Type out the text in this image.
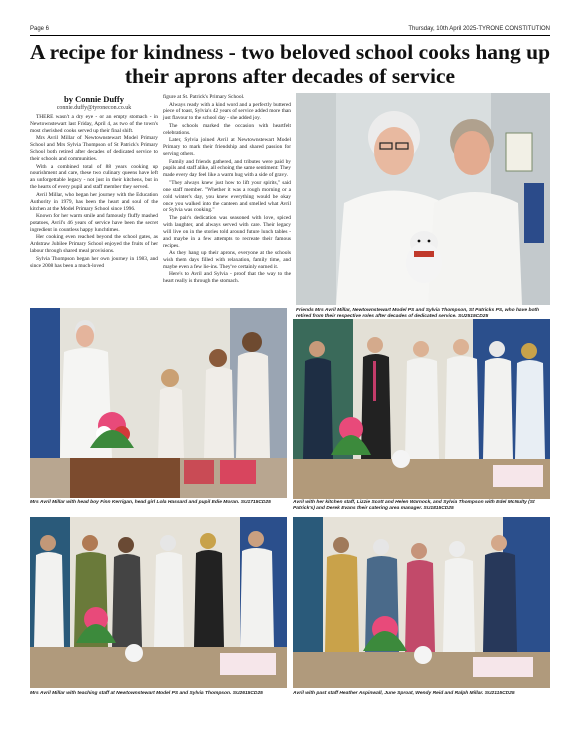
Page 6	Thursday, 10th April 2025-TYRONE CONSTITUTION
A recipe for kindness - two beloved school cooks hang up their aprons after decades of service
by Connie Duffy
connie.duffy@tyronecon.co.uk

THERE wasn't a dry eye - or an empty stomach - in Newtownstewart last Friday, April 4, as two of the town's most cherished cooks served up their final shift.

Mrs Avril Millar of Newtownstewart Model Primary School and Mrs Sylvia Thompson of St Patrick's Primary School both retired after decades of dedicated service to their schools and communities.

With a combined total of 88 years cooking up nourishment and care, these two culinary queens have left an unforgettable legacy - not just in their kitchens, but in the hearts of every pupil and staff member they served.

Avril Millar, who began her journey with the Education Authority in 1979, has been the heart and soul of the kitchen at the Model Primary School since 1996.

Known for her warm smile and famously fluffy mashed potatoes, Avril's 46 years of service have been the secret ingredient in countless happy lunchtimes.

Her cooking even reached beyond the school gates, as Ardstraw Jubilee Primary School enjoyed the fruits of her labour through shared meal provisions.

Sylvia Thompson began her own journey in 1983, and since 2008 has been a much-loved

figure at St. Patrick's Primary School.

Always ready with a kind word and a perfectly buttered piece of toast, Sylvia's 42 years of service added more than just flavour to the school day - she added joy.

The schools marked the occasion with heartfelt celebrations.

Later, Sylvia joined Avril at Newtownstewart Model Primary to mark their friendship and shared passion for serving others.

Family and friends gathered, and tributes were paid by pupils and staff alike, all echoing the same sentiment: They made every day feel like a warm hug with a side of gravy.

"They always knew just how to lift your spirits," said one staff member. "Whether it was a rough morning or a cold winter's day, you knew everything would be okay once you walked into the canteen and smelled what Avril or Sylvia was cooking."

The pair's dedication was seasoned with love, spiced with laughter, and always served with care. Their legacy will live on in the stories told around future lunch tables - and maybe in a few attempts to recreate their famous recipes.

As they hang up their aprons, everyone at the schools wish them days filled with relaxation, family time, and maybe even a few lie-ins. They've certainly earned it.

Here's to Avril and Sylvia - proof that the way to the heart really is through the stomach.

Friends Mrs Avril Millar, Newtownstewart Model PS and Sylvia Thompson, St Patricks PS, who have both retired from their respective roles after decades of dedicated service. SU2515CD25
Mrs Avril Millar with head boy Finn Kerrigan, head girl Lola Hassard and pupil Edie Moran. SU1715CD25	Avril with her kitchen staff, Lizzie Scott and Helen Warnock, and Sylvia Thompson with Edel McNulty (St Patrick's) and Derek Evans their catering area manager. SU1815CD25
Mrs Avril Millar with teaching staff at Newtownstewart Model PS and Sylvia Thompson. SU2615CD25	Avril with past staff Heather Aspinwall, June Sproat, Wendy Reid and Ralph Millar. SU2115CD25
